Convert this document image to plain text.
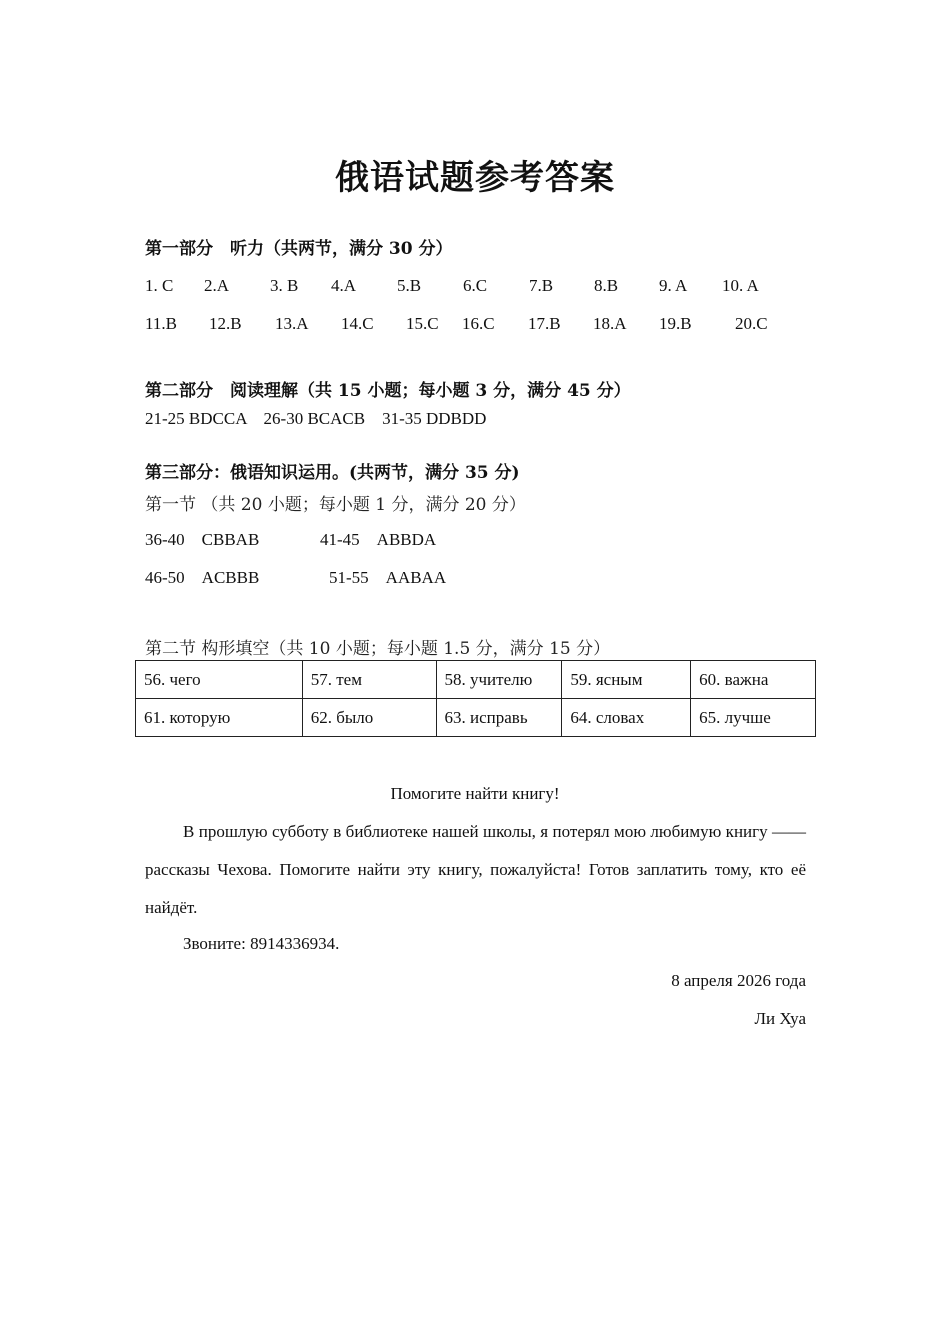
俄语试题参考答案
第一部分　听力（共两节，满分 30 分）
1. C 2.A 3. B 4.A 5.B 6.C 7.B 8.B 9. A 10. A
11.B 12.B 13.A 14.C 15.C 16.C 17.B 18.A 19.B	20.C
第二部分　阅读理解（共 15 小题；每小题 3 分，满分 45 分）
21-25 BDCCA　26-30 BCACB　31-35 DDBDD
第三部分：俄语知识运用。(共两节，满分 35 分)
第一节 （共 20 小题；每小题 1 分，满分 20 分）
36-40　CBBAB	41-45　ABBDA
46-50　ACBBB	51-55　AABAA
第二节 构形填空（共 10 小题；每小题 1.5 分，满分 15 分）
56. чего	57. тем	58. учителю	59. ясным	60. важна
61. которую	62. было	63. исправь	64. словах	65. лучше
Помогите найти книгу!
В прошлую субботу в библиотеке нашей школы, я потерял мою любимую книгу —— рассказы Чехова. Помогите найти эту книгу, пожалуйста! Готов заплатить тому, кто её найдёт.
Звоните: 8914336934.
8 апреля 2026 года
Ли Хуа
